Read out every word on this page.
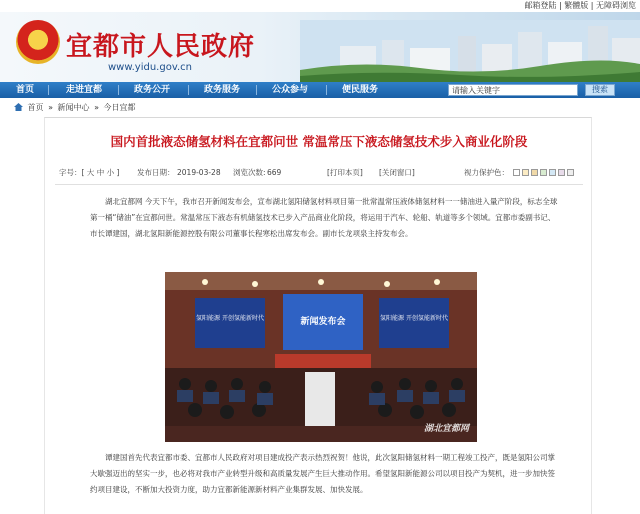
邮箱登陆 | 繁體版 | 无障碍浏览
★
宜都市人民政府
www.yidu.gov.cn
首页	走进宜都	政务公开	政务服务	公众参与	便民服务
请输入关键字	搜索
首页 » 新闻中心 » 今日宜都
国内首批液态储氢材料在宜都问世 常温常压下液态储氢技术步入商业化阶段
字号：[ 大 中 小 ] 发布日期： 2019-03-28 浏览次数: 669	[打印本页] [关闭窗口]	视力保护色：

湖北宜都网 今天下午，我市召开新闻发布会，宣布湖北氢阳储氢材料项目第一批常温常压液体储氢材料一一储油进入量产阶段，标志全球第一桶“储油”在宜都问世。常温常压下液态有机储氢技术已步入产品商业化阶段，将运用于汽车、轮船、轨道等多个领域。宜都市委副书记、市长谭建国，湖北氢阳新能源控股有限公司董事长程寒松出席发布会。副市长龙项泉主持发布会。

氢阳能源 开创氢能新时代	新闻发布会	氢阳能源 开创氢能新时代
湖北宜都网

谭建国首先代表宜都市委、宜都市人民政府对项目建成投产表示热烈祝贺！他说，此次氢阳储氢材料一期工程竣工投产，既是氢阳公司掌大歇强迈出的坚实一步，也必将对我市产业转型升级和高质量发展产生巨大推动作用。希望氢阳新能源公司以项目投产为契机，进一步加快签约项目建设，不断加大投资力度，助力宜都新能源新材料产业集群发展、加快发展。
